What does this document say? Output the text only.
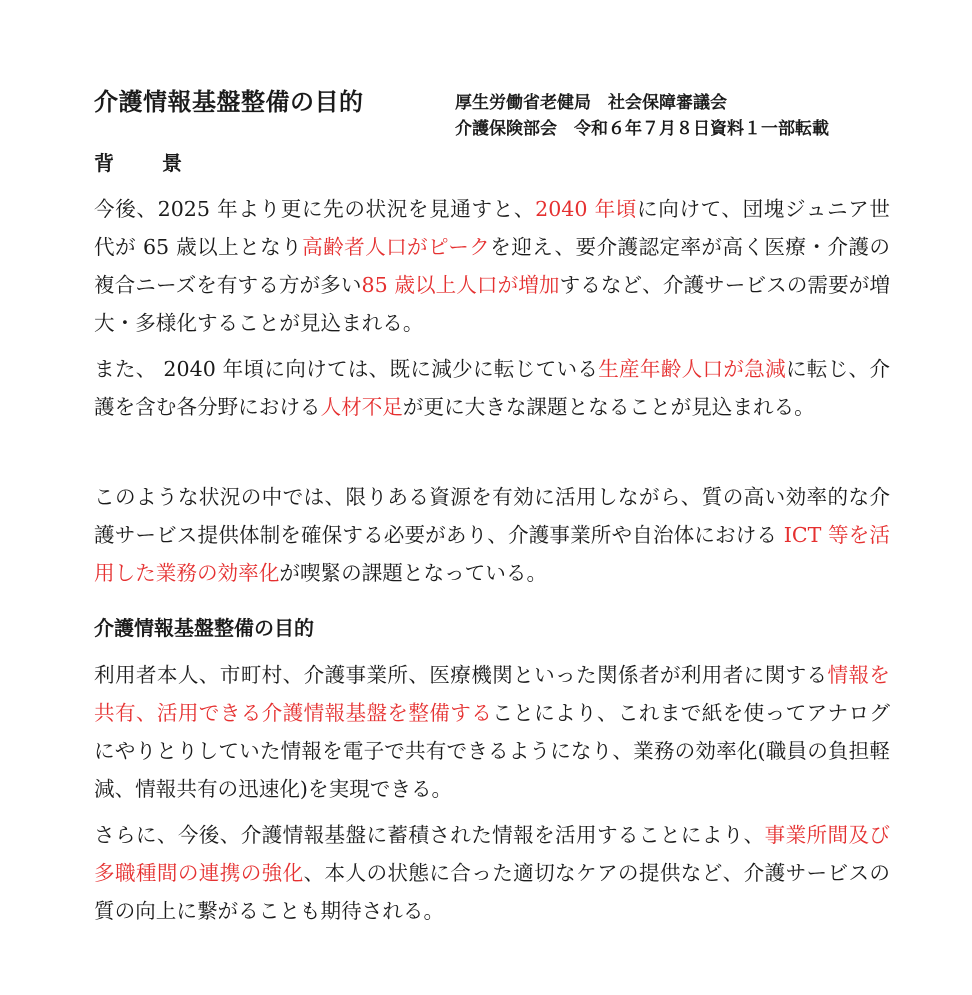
介護情報基盤整備の目的	厚生労働省老健局　社会保障審議会
介護保険部会　令和６年７月８日資料１一部転載
背　景

今後、2025 年より更に先の状況を見通すと、2040 年頃に向けて、団塊ジュニア世代が 65 歳以上となり高齢者人口がピークを迎え、要介護認定率が高く医療・介護の複合ニーズを有する方が多い85 歳以上人口が増加するなど、介護サービスの需要が増大・多様化することが見込まれる。

また、 2040 年頃に向けては、既に減少に転じている生産年齢人口が急減に転じ、介護を含む各分野における人材不足が更に大きな課題となることが見込まれる。

このような状況の中では、限りある資源を有効に活用しながら、質の高い効率的な介護サービス提供体制を確保する必要があり、介護事業所や自治体における ICT 等を活用した業務の効率化が喫緊の課題となっている。

介護情報基盤整備の目的

利用者本人、市町村、介護事業所、医療機関といった関係者が利用者に関する情報を共有、活用できる介護情報基盤を整備することにより、これまで紙を使ってアナログにやりとりしていた情報を電子で共有できるようになり、業務の効率化(職員の負担軽減、情報共有の迅速化)を実現できる。

さらに、今後、介護情報基盤に蓄積された情報を活用することにより、事業所間及び多職種間の連携の強化、本人の状態に合った適切なケアの提供など、介護サービスの質の向上に繋がることも期待される。
